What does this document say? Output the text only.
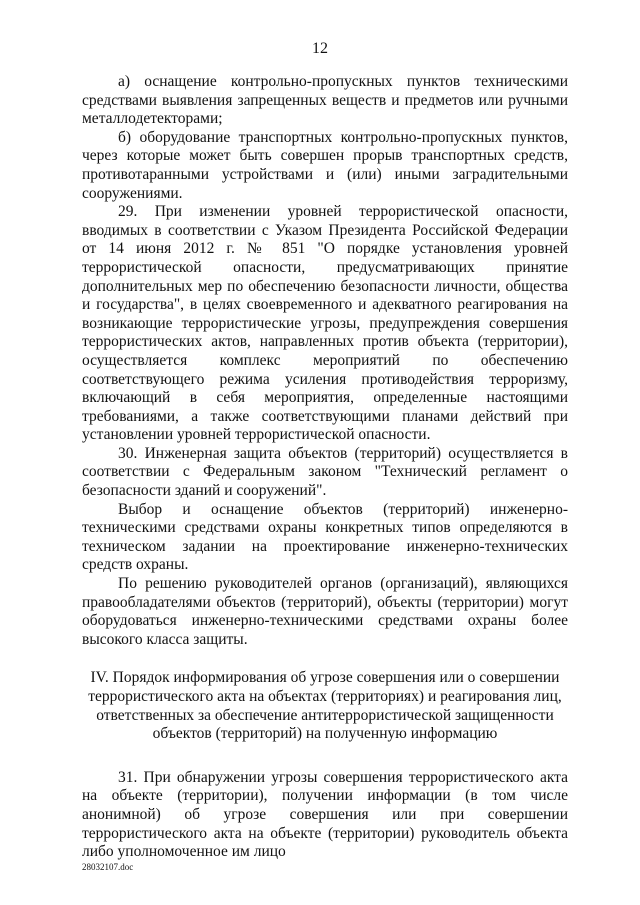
12

а) оснащение контрольно-пропускных пунктов техническими средствами выявления запрещенных веществ и предметов или ручными металлодетекторами;

б) оборудование транспортных контрольно-пропускных пунктов, через которые может быть совершен прорыв транспортных средств, противотаранными устройствами и (или) иными заградительными сооружениями.

29. При изменении уровней террористической опасности, вводимых в соответствии с Указом Президента Российской Федерации от 14 июня 2012 г. № 851 "О порядке установления уровней террористической опасности, предусматривающих принятие дополнительных мер по обеспечению безопасности личности, общества и государства", в целях своевременного и адекватного реагирования на возникающие террористические угрозы, предупреждения совершения террористических актов, направленных против объекта (территории), осуществляется комплекс мероприятий по обеспечению соответствующего режима усиления противодействия терроризму, включающий в себя мероприятия, определенные настоящими требованиями, а также соответствующими планами действий при установлении уровней террористической опасности.

30. Инженерная защита объектов (территорий) осуществляется в соответствии с Федеральным законом "Технический регламент о безопасности зданий и сооружений".

Выбор и оснащение объектов (территорий) инженерно-техническими средствами охраны конкретных типов определяются в техническом задании на проектирование инженерно-технических средств охраны.

По решению руководителей органов (организаций), являющихся правообладателями объектов (территорий), объекты (территории) могут оборудоваться инженерно-техническими средствами охраны более высокого класса защиты.

IV. Порядок информирования об угрозе совершения или о совершении
террористического акта на объектах (территориях) и реагирования лиц,
ответственных за обеспечение антитеррористической защищенности
объектов (территорий) на полученную информацию

31. При обнаружении угрозы совершения террористического акта на объекте (территории), получении информации (в том числе анонимной) об угрозе совершения или при совершении террористического акта на объекте (территории) руководитель объекта либо уполномоченное им лицо

28032107.doc
